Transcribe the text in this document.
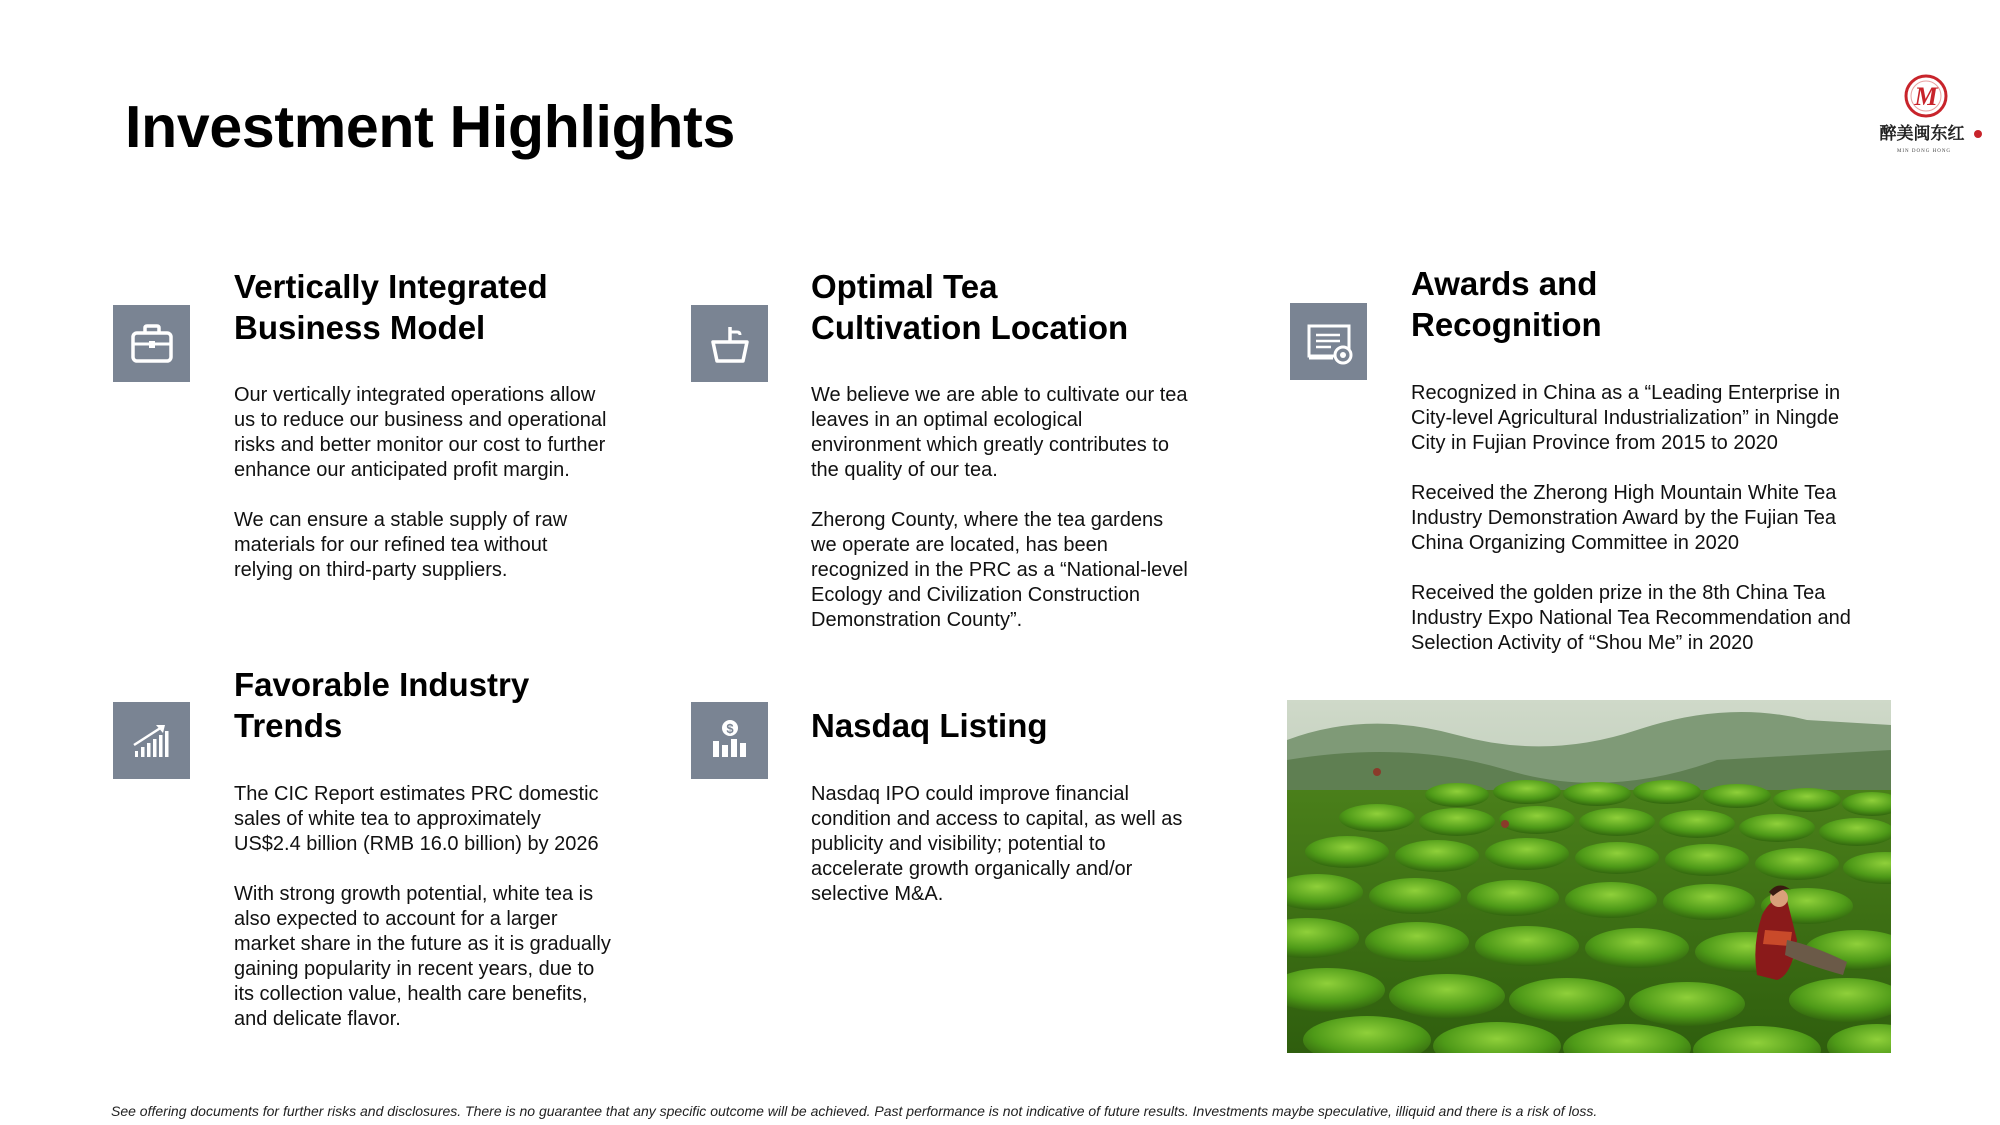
Investment Highlights	M
醉美闽东红
MIN DONG HONG
Vertically Integrated
Business Model

Our vertically integrated operations allow
us to reduce our business and operational
risks and better monitor our cost to further
enhance our anticipated profit margin.

We can ensure a stable supply of raw
materials for our refined tea without
relying on third-party suppliers.

Optimal Tea
Cultivation Location

We believe we are able to cultivate our tea
leaves in an optimal ecological
environment which greatly contributes to
the quality of our tea.

Zherong County, where the tea gardens
we operate are located, has been
recognized in the PRC as a “National-level
Ecology and Civilization Construction
Demonstration County”.

Awards and
Recognition

Recognized in China as a “Leading Enterprise in
City-level Agricultural Industrialization” in Ningde
City in Fujian Province from 2015 to 2020

Received the Zherong High Mountain White Tea
Industry Demonstration Award by the Fujian Tea
China Organizing Committee in 2020

Received the golden prize in the 8th China Tea
Industry Expo National Tea Recommendation and
Selection Activity of “Shou Me” in 2020

Favorable Industry
Trends

The CIC Report estimates PRC domestic
sales of white tea to approximately
US$2.4 billion (RMB 16.0 billion) by 2026

With strong growth potential, white tea is
also expected to account for a larger
market share in the future as it is gradually
gaining popularity in recent years, due to
its collection value, health care benefits,
and delicate flavor.

$ Nasdaq Listing

Nasdaq IPO could improve financial
condition and access to capital, as well as
publicity and visibility; potential to
accelerate growth organically and/or
selective M&A.

See offering documents for further risks and disclosures. There is no guarantee that any specific outcome will be achieved. Past performance is not indicative of future results. Investments maybe speculative, illiquid and there is a risk of loss.
